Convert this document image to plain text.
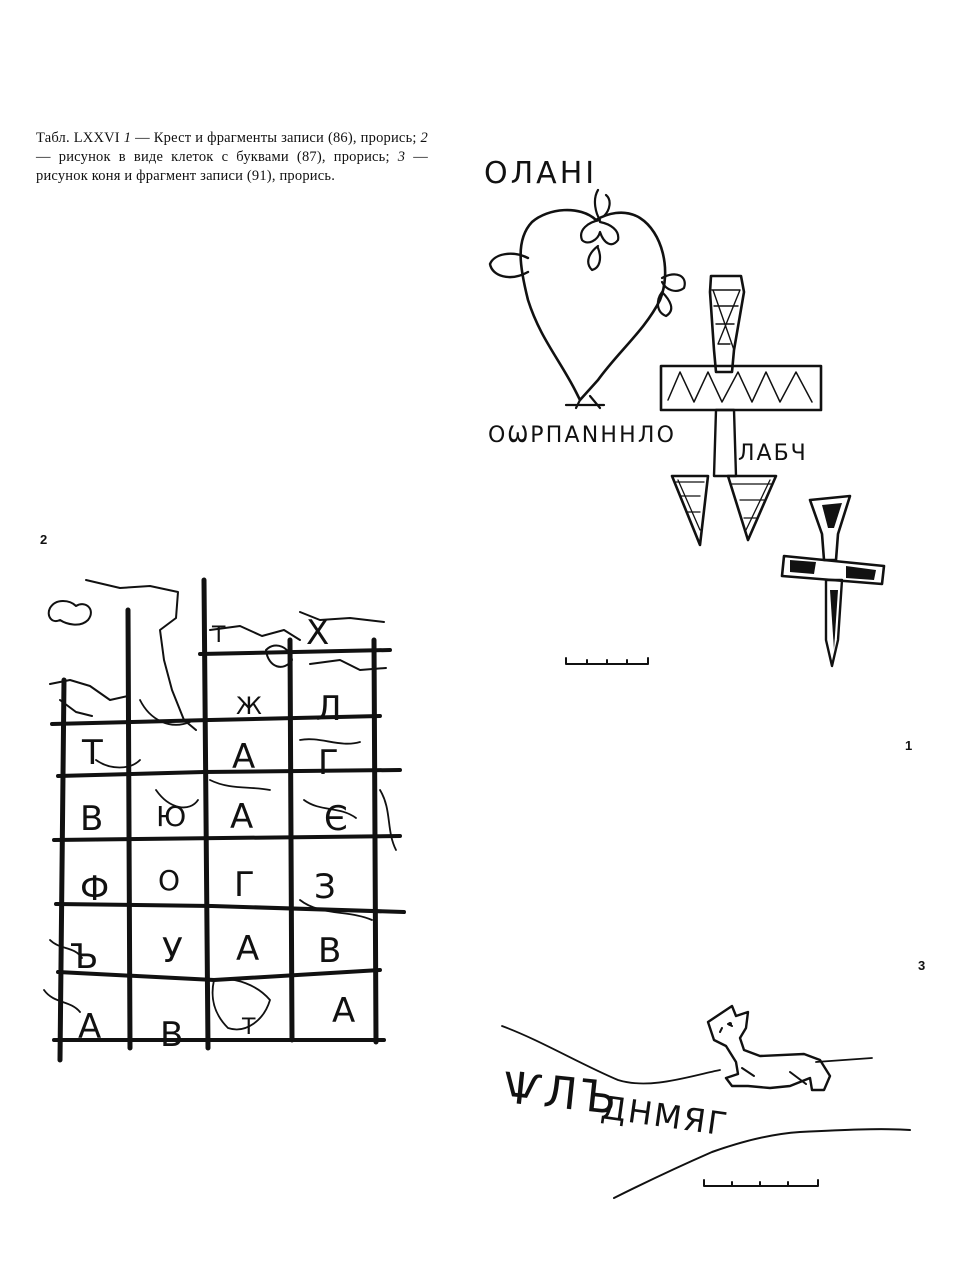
Табл. LXXVI 1 — Крест и фрагменты записи (86), прорись; 2 — рисунок в виде клеток с буквами (87), прорись; 3 — рисунок коня и фрагмент записи (91), прорись.
2
1
3
ОЛАНІ
ОѠРПАNННЛО
ЛАБЧ
Т Х
Ж Л
Т	А Г
В Ю А Є
Ф О Г З
Ъ У А В
А В	Т А
ѰЛЪ
ДНМЯГ
